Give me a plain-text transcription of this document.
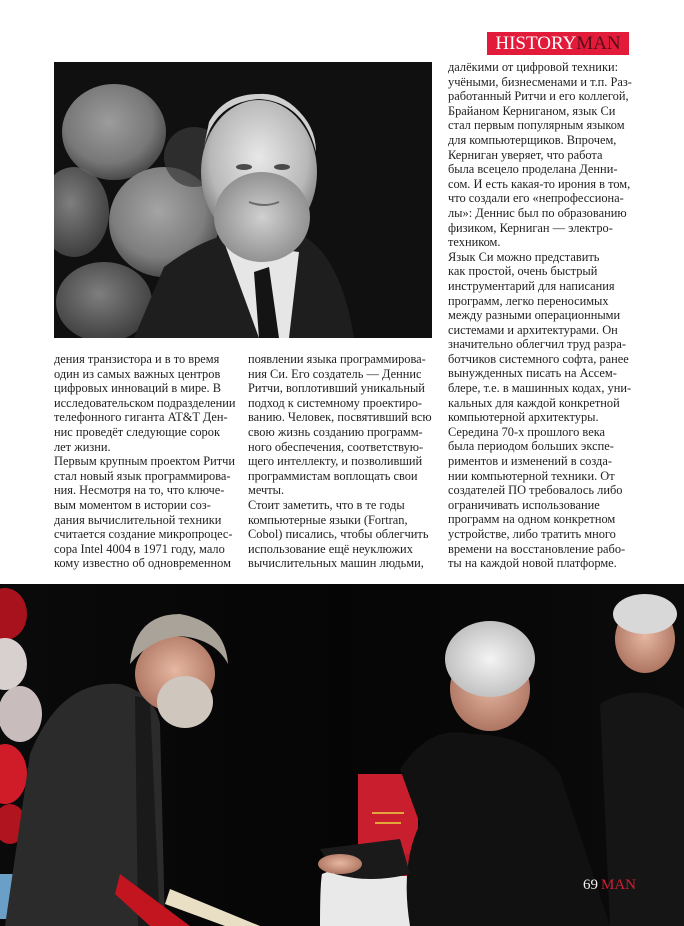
HISTORY MAN

дения транзистора и в то время

один из самых важных центров

цифровых инноваций в мире. В

исследовательском подразделении

телефонного гиганта AT&T Ден-

нис проведёт следующие сорок

лет жизни.

Первым крупным проектом Ритчи

стал новый язык программирова-

ния. Несмотря на то, что ключе-

вым моментом в истории соз-

дания вычислительной техники

считается создание микропроцес-

сора Intel 4004 в 1971 году, мало

кому известно об одновременном

появлении языка программирова-

ния Си. Его создатель — Деннис

Ритчи, воплотивший уникальный

подход к системному проектиро-

ванию. Человек, посвятивший всю

свою жизнь созданию программ-

ного обеспечения, соответствую-

щего интеллекту, и позволивший

программистам воплощать свои

мечты.

Стоит заметить, что в те годы

компьютерные языки (Fortran,

Cobol) писались, чтобы облегчить

использование ещё неуклюжих

вычислительных машин людьми,

далёкими от цифровой техники:

учёными, бизнесменами и т.п. Раз-

работанный Ритчи и его коллегой,

Брайаном Керниганом, язык Си

стал первым популярным языком

для компьютерщиков. Впрочем,

Керниган уверяет, что работа

была всецело проделана Денни-

сом. И есть какая-то ирония в том,

что создали его «непрофессиона-

лы»: Деннис был по образованию

физиком, Керниган — электро-

техником.

Язык Си можно представить

как простой, очень быстрый

инструментарий для написания

программ, легко переносимых

между разными операционными

системами и архитектурами. Он

значительно облегчил труд разра-

ботчиков системного софта, ранее

вынужденных писать на Ассем-

блере, т.е. в машинных кодах, уни-

кальных для каждой конкретной

компьютерной архитектуры.

Середина 70-х прошлого века

была периодом больших экспе-

риментов и изменений в созда-

нии компьютерной техники. От

создателей ПО требовалось либо

ограничивать использование

программ на одном конкретном

устройстве, либо тратить много

времени на восстановление рабо-

ты на каждой новой платформе.

69 MAN
